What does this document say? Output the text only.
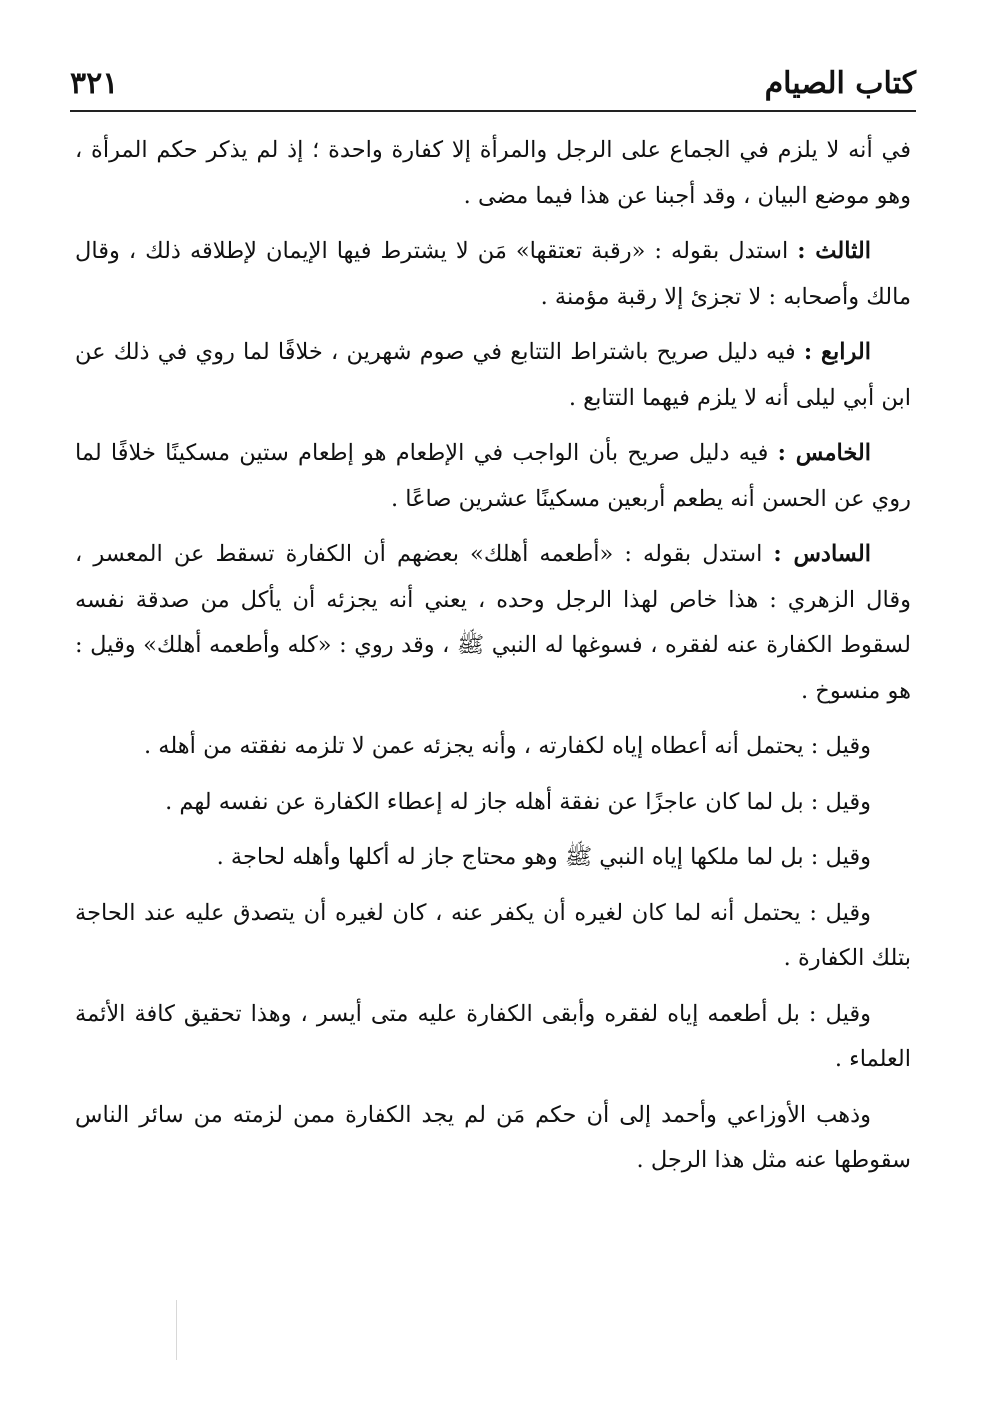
كتاب الصيام
٣٢١

في أنه لا يلزم في الجماع على الرجل والمرأة إلا كفارة واحدة ؛ إذ لم يذكر حكم المرأة ، وهو موضع البيان ، وقد أجبنا عن هذا فيما مضى .

الثالث : استدل بقوله : «رقبة تعتقها» مَن لا يشترط فيها الإيمان لإطلاقه ذلك ، وقال مالك وأصحابه : لا تجزئ إلا رقبة مؤمنة .

الرابع : فيه دليل صريح باشتراط التتابع في صوم شهرين ، خلافًا لما روي في ذلك عن ابن أبي ليلى أنه لا يلزم فيهما التتابع .

الخامس : فيه دليل صريح بأن الواجب في الإطعام هو إطعام ستين مسكينًا خلافًا لما روي عن الحسن أنه يطعم أربعين مسكينًا عشرين صاعًا .

السادس : استدل بقوله : «أطعمه أهلك» بعضهم أن الكفارة تسقط عن المعسر ، وقال الزهري : هذا خاص لهذا الرجل وحده ، يعني أنه يجزئه أن يأكل من صدقة نفسه لسقوط الكفارة عنه لفقره ، فسوغها له النبي ﷺ ، وقد روي : «كله وأطعمه أهلك» وقيل : هو منسوخ .

وقيل : يحتمل أنه أعطاه إياه لكفارته ، وأنه يجزئه عمن لا تلزمه نفقته من أهله .

وقيل : بل لما كان عاجزًا عن نفقة أهله جاز له إعطاء الكفارة عن نفسه لهم .

وقيل : بل لما ملكها إياه النبي ﷺ وهو محتاج جاز له أكلها وأهله لحاجة .

وقيل : يحتمل أنه لما كان لغيره أن يكفر عنه ، كان لغيره أن يتصدق عليه عند الحاجة بتلك الكفارة .

وقيل : بل أطعمه إياه لفقره وأبقى الكفارة عليه متى أيسر ، وهذا تحقيق كافة الأئمة العلماء .

وذهب الأوزاعي وأحمد إلى أن حكم مَن لم يجد الكفارة ممن لزمته من سائر الناس سقوطها عنه مثل هذا الرجل .
